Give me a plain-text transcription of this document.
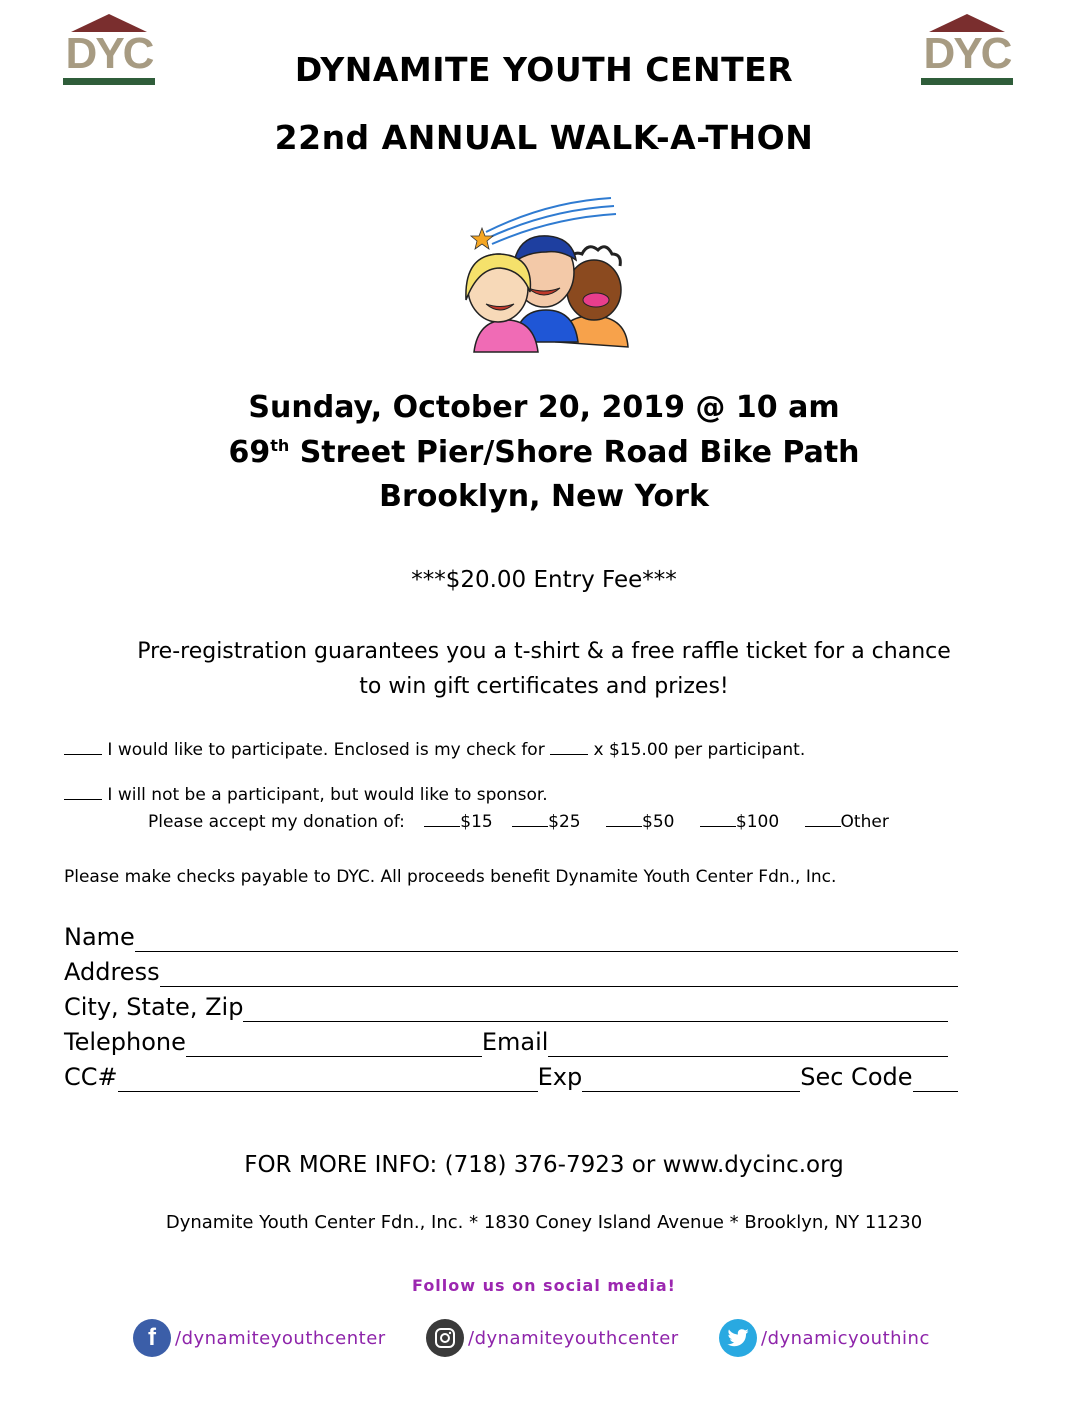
DYC	DYC
DYNAMITE YOUTH CENTER
22nd ANNUAL WALK-A-THON
Sunday, October 20, 2019 @ 10 am
69th Street Pier/Shore Road Bike Path
Brooklyn, New York
***$20.00 Entry Fee***
Pre-registration guarantees you a t-shirt & a free raffle ticket for a chance
to win gift certificates and prizes!
I would like to participate. Enclosed is my check for	x $15.00 per participant.
I will not be a participant, but would like to sponsor.
Please accept my donation of:	$15	$25	$50	$100	Other
Please make checks payable to DYC. All proceeds benefit Dynamite Youth Center Fdn., Inc.
Name
Address
City, State, Zip
Telephone	Email
CC#	Exp	Sec Code
FOR MORE INFO: (718) 376-7923 or www.dycinc.org
Dynamite Youth Center Fdn., Inc. * 1830 Coney Island Avenue * Brooklyn, NY 11230
Follow us on social media!
f	/dynamiteyouthcenter	/dynamiteyouthcenter	/dynamicyouthinc
